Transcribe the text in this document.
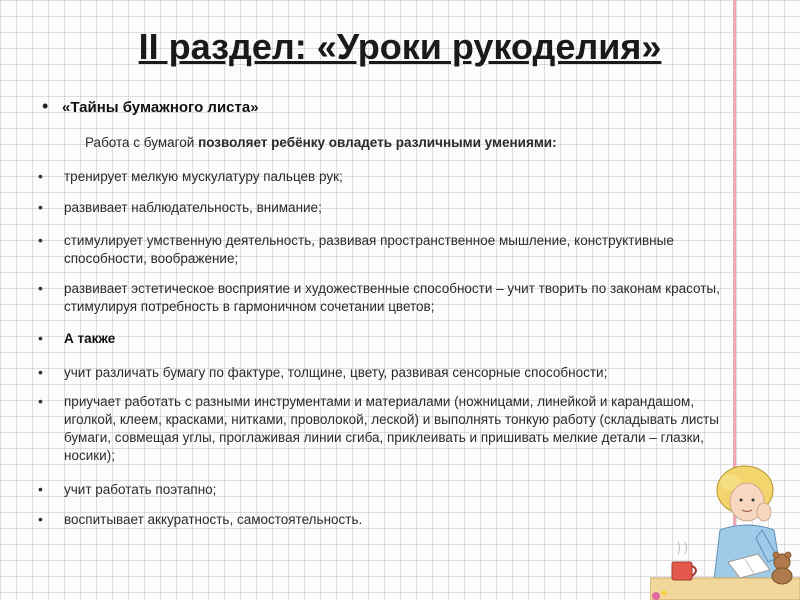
II раздел: «Уроки рукоделия»
• «Тайны бумажного листа»
Работа с бумагой позволяет ребёнку овладеть различными умениями:
• тренирует мелкую мускулатуру пальцев рук;
• развивает наблюдательность, внимание;
• стимулирует умственную деятельность, развивая пространственное мышление, конструктивные способности, воображение;
• развивает эстетическое восприятие и художественные способности – учит творить по законам красоты, стимулируя потребность в гармоничном сочетании цветов;
• А также
• учит различать бумагу по фактуре, толщине, цвету, развивая сенсорные способности;
• приучает работать с разными инструментами и материалами (ножницами, линейкой и карандашом, иголкой, клеем, красками, нитками, проволокой, леской) и выполнять тонкую работу (складывать листы бумаги, совмещая углы, проглаживая линии сгиба, приклеивать и пришивать мелкие детали – глазки, носики);
• учит работать поэтапно;
• воспитывает аккуратность, самостоятельность.
